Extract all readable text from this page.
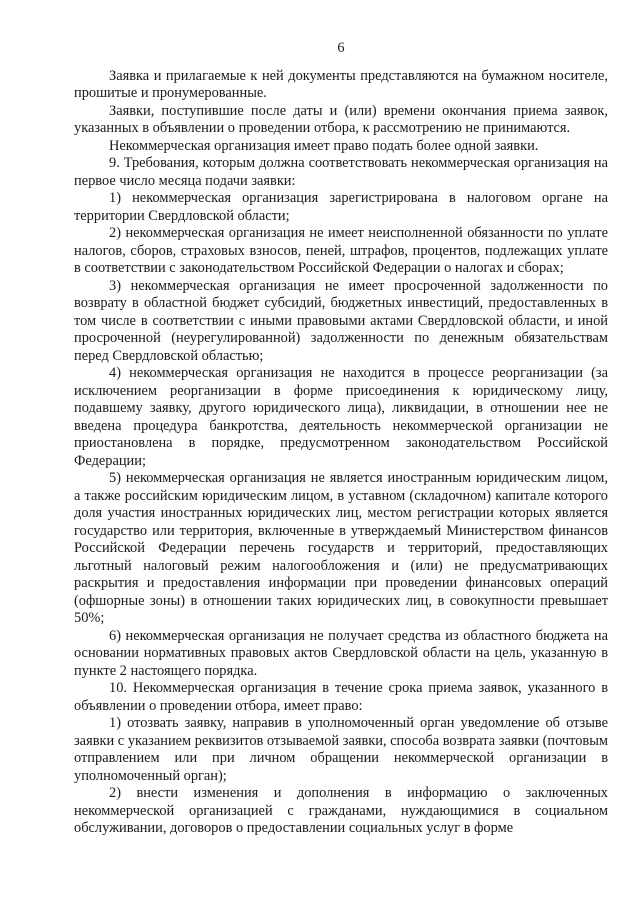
6

Заявка и прилагаемые к ней документы представляются на бумажном носителе, прошитые и пронумерованные.

Заявки, поступившие после даты и (или) времени окончания приема заявок, указанных в объявлении о проведении отбора, к рассмотрению не принимаются.

Некоммерческая организация имеет право подать более одной заявки.

9. Требования, которым должна соответствовать некоммерческая организация на первое число месяца подачи заявки:

1) некоммерческая организация зарегистрирована в налоговом органе на территории Свердловской области;

2) некоммерческая организация не имеет неисполненной обязанности по уплате налогов, сборов, страховых взносов, пеней, штрафов, процентов, подлежащих уплате в соответствии с законодательством Российской Федерации о налогах и сборах;

3) некоммерческая организация не имеет просроченной задолженности по возврату в областной бюджет субсидий, бюджетных инвестиций, предоставленных в том числе в соответствии с иными правовыми актами Свердловской области, и иной просроченной (неурегулированной) задолженности по денежным обязательствам перед Свердловской областью;

4) некоммерческая организация не находится в процессе реорганизации (за исключением реорганизации в форме присоединения к юридическому лицу, подавшему заявку, другого юридического лица), ликвидации, в отношении нее не введена процедура банкротства, деятельность некоммерческой организации не приостановлена в порядке, предусмотренном законодательством Российской Федерации;

5) некоммерческая организация не является иностранным юридическим лицом, а также российским юридическим лицом, в уставном (складочном) капитале которого доля участия иностранных юридических лиц, местом регистрации которых является государство или территория, включенные в утверждаемый Министерством финансов Российской Федерации перечень государств и территорий, предоставляющих льготный налоговый режим налогообложения и (или) не предусматривающих раскрытия и предоставления информации при проведении финансовых операций (офшорные зоны) в отношении таких юридических лиц, в совокупности превышает 50%;

6) некоммерческая организация не получает средства из областного бюджета на основании нормативных правовых актов Свердловской области на цель, указанную в пункте 2 настоящего порядка.

10. Некоммерческая организация в течение срока приема заявок, указанного в объявлении о проведении отбора, имеет право:

1) отозвать заявку, направив в уполномоченный орган уведомление об отзыве заявки с указанием реквизитов отзываемой заявки, способа возврата заявки (почтовым отправлением или при личном обращении некоммерческой организации в уполномоченный орган);

2) внести изменения и дополнения в информацию о заключенных некоммерческой организацией с гражданами, нуждающимися в социальном обслуживании, договоров о предоставлении социальных услуг в форме
